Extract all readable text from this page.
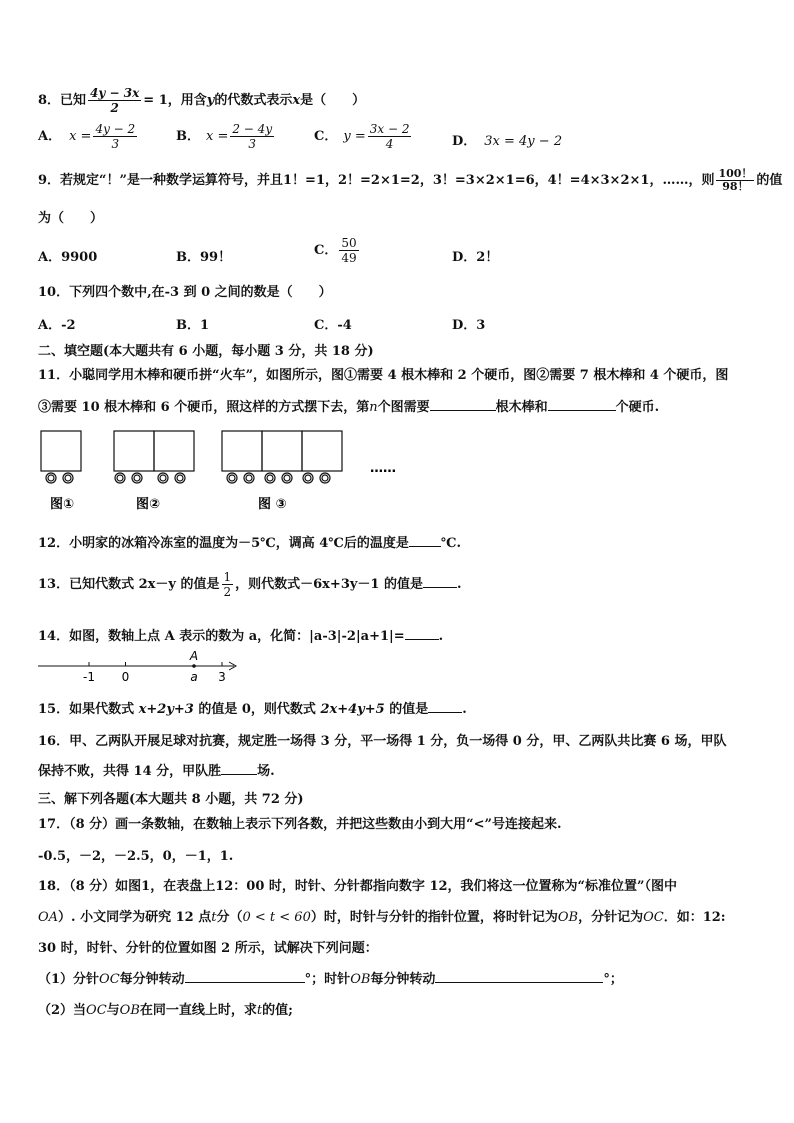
8．已知 $\frac{4y - 3x}{2} = 1$，用含y的代数式表示x是（　　）
A． $x = \frac{4y - 2}{3}$	B． $x = \frac{2 - 4y}{3}$	C． $y = \frac{3x - 2}{4}$	D． 3x = 4y − 2
9．若规定“！”是一种数学运算符号，并且1！=1，2！=2×1=2，3！=3×2×1=6，4！=4×3×2×1，……，则 $\frac{100!}{98!}$ 的值
为（　　）
A．9900	B．99！	C． $\frac{50}{49}$	D．2！
10．下列四个数中,在-3 到 0 之间的数是（　　）
A．-2	B．1	C．-4	D．3
二、填空题(本大题共有 6 小题，每小题 3 分，共 18 分)
11．小聪同学用木棒和硬币拼“火车”，如图所示，图①需要 4 根木棒和 2 个硬币，图②需要 7 根木棒和 4 个硬币，图
③需要 10 根木棒和 6 个硬币，照这样的方式摆下去，第n个图需要	根木棒和	个硬币.
图①	图②	图 ③
……
12．小明家的冰箱冷冻室的温度为－5℃，调高 4℃后的温度是 ℃.
13．已知代数式 2x－y 的值是 $\frac{1}{2}$ ，则代数式－6x+3y－1 的值是	.
14．如图，数轴上点 A 表示的数为 a，化简：|a-3|-2|a+1|=	.
-1 0	3
A
a
15．如果代数式 x+2y+3 的值是 0，则代数式 2x+4y+5 的值是	.
16．甲、乙两队开展足球对抗赛，规定胜一场得 3 分，平一场得 1 分，负一场得 0 分，甲、乙两队共比赛 6 场，甲队
保持不败，共得 14 分，甲队胜	场.
三、解下列各题(本大题共 8 小题，共 72 分)
17．（8 分）画一条数轴，在数轴上表示下列各数，并把这些数由小到大用“<”号连接起来.
-0.5，－2，－2.5，0，－1，1.
18．（8 分）如图1，在表盘上12：00 时，时针、分针都指向数字 12，我们将这一位置称为“标准位置”（图中
OA）. 小文同学为研究 12 点t分（0 < t < 60）时，时针与分针的指针位置，将时针记为OB，分针记为OC．如：12:
30 时，时针、分针的位置如图 2 所示，试解决下列问题：
（1）分针OC每分钟转动	°；时针OB每分钟转动	°；
（2）当OC与OB在同一直线上时，求t的值;
